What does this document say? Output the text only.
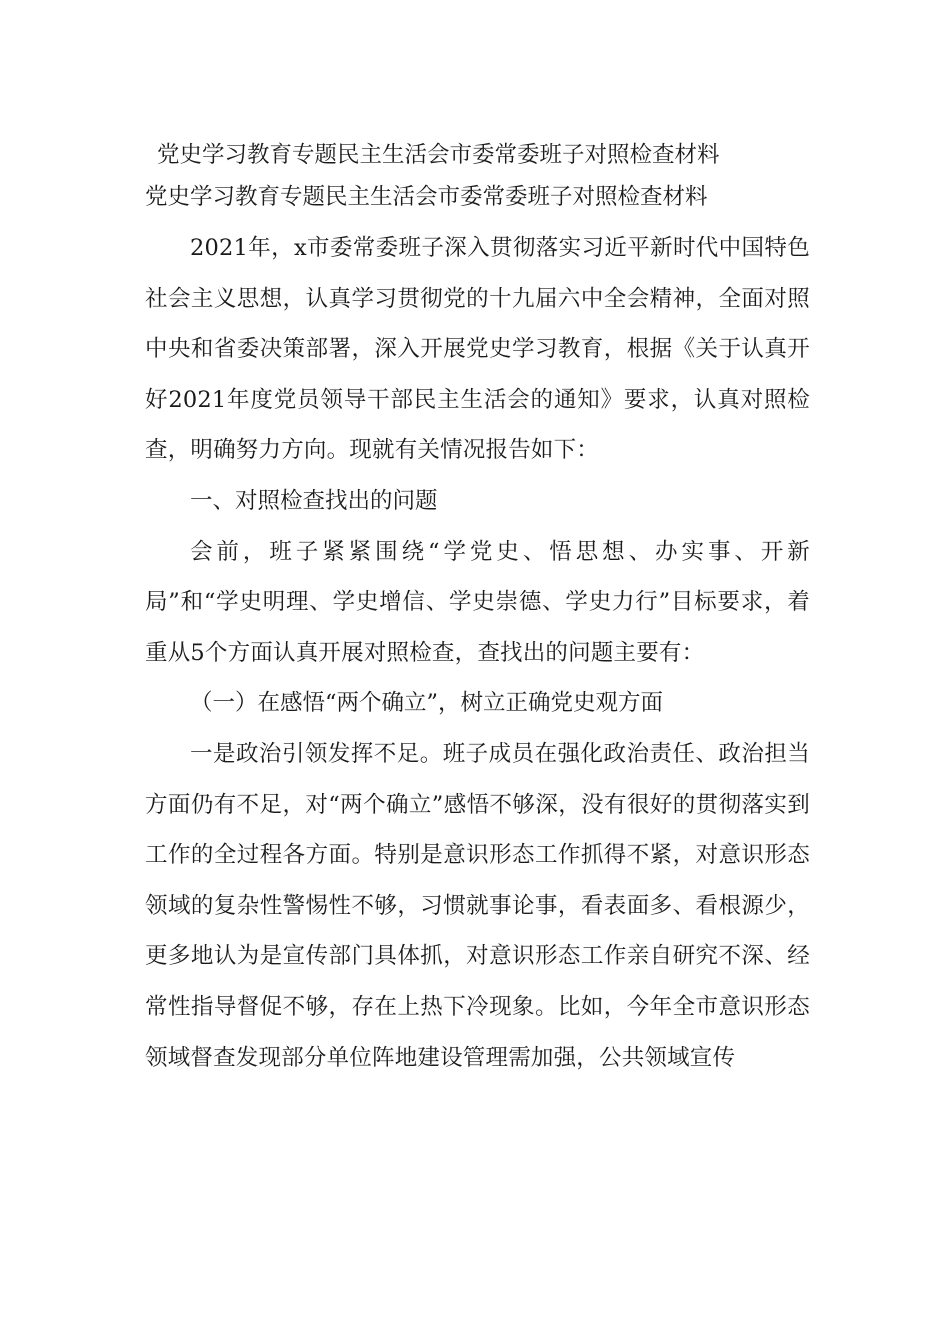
党史学习教育专题民主生活会市委常委班子对照检查材料
党史学习教育专题民主生活会市委常委班子对照检查材料

2021年，x市委常委班子深入贯彻落实习近平新时代中国特色社会主义思想，认真学习贯彻党的十九届六中全会精神，全面对照中央和省委决策部署，深入开展党史学习教育，根据《关于认真开好2021年度党员领导干部民主生活会的通知》要求，认真对照检查，明确努力方向。现就有关情况报告如下：

一、对照检查找出的问题

会前，班子紧紧围绕“学党史、悟思想、办实事、开新局”和“学史明理、学史增信、学史崇德、学史力行”目标要求，着重从5个方面认真开展对照检查，查找出的问题主要有：

（一）在感悟“两个确立”，树立正确党史观方面

一是政治引领发挥不足。班子成员在强化政治责任、政治担当方面仍有不足，对“两个确立”感悟不够深，没有很好的贯彻落实到工作的全过程各方面。特别是意识形态工作抓得不紧，对意识形态领域的复杂性警惕性不够，习惯就事论事，看表面多、看根源少，更多地认为是宣传部门具体抓，对意识形态工作亲自研究不深、经常性指导督促不够，存在上热下冷现象。比如，今年全市意识形态领域督查发现部分单位阵地建设管理需加强，公共领域宣传
